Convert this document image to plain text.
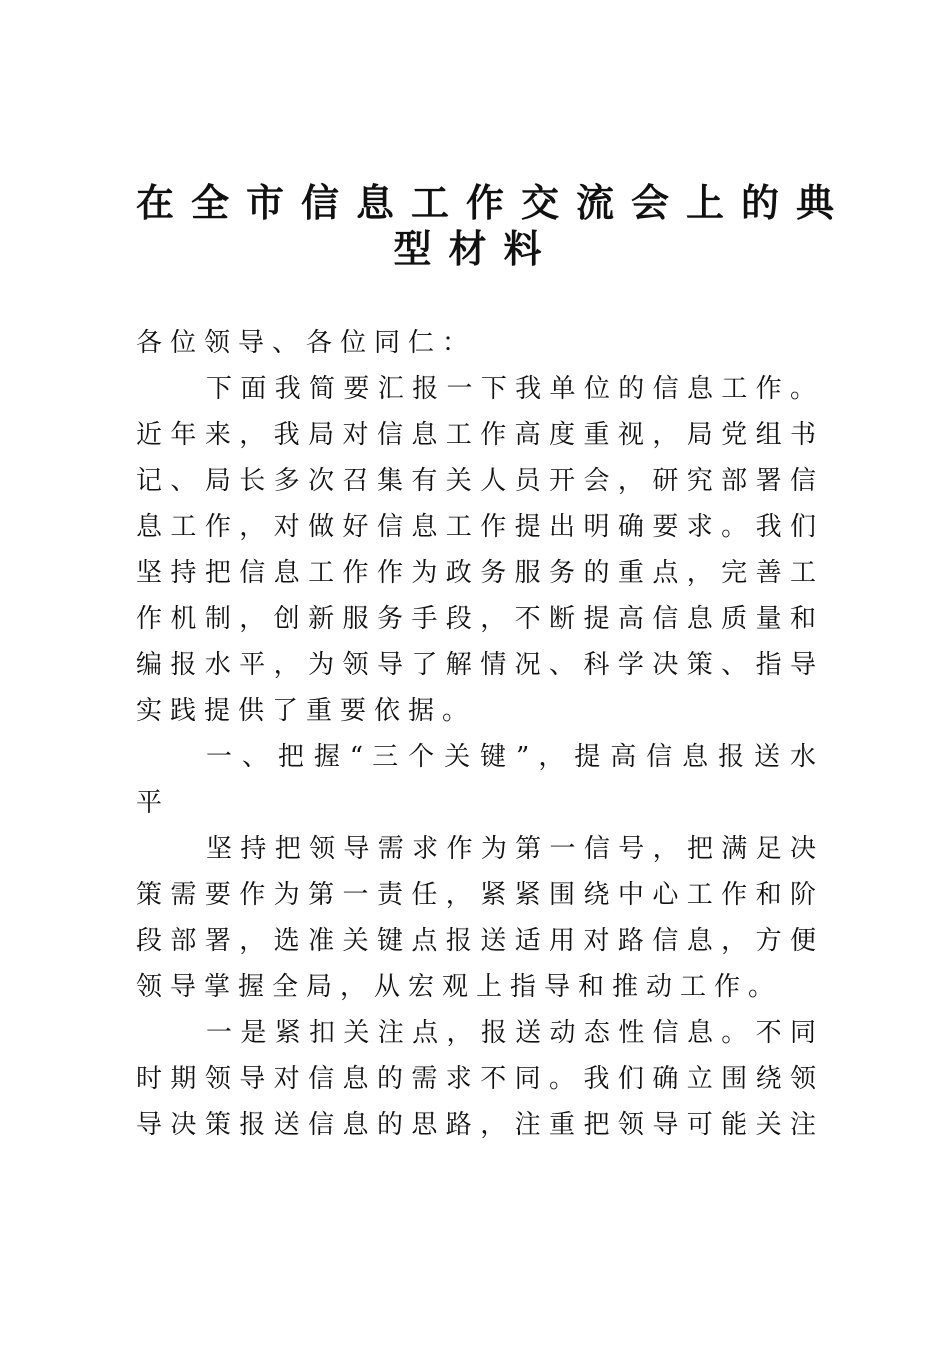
在全市信息工作交流会上的典
型材料
各位领导、各位同仁：
下 面 我 简 要 汇 报 一 下 我 单 位 的 信 息 工 作 。
近 年 来 ， 我 局 对 信 息 工 作 高 度 重 视 ， 局 党 组 书
记 、 局 长 多 次 召 集 有 关 人 员 开 会 ， 研 究 部 署 信
息 工 作 ， 对 做 好 信 息 工 作 提 出 明 确 要 求 。 我 们
坚 持 把 信 息 工 作 作 为 政 务 服 务 的 重 点 ， 完 善 工
作 机 制 ， 创 新 服 务 手 段 ， 不 断 提 高 信 息 质 量 和
编 报 水 平 ， 为 领 导 了 解 情 况 、 科 学 决 策 、 指 导
实践提供了重要依据。
一 、 把 握 “ 三 个 关 键 ” ， 提 高 信 息 报 送 水
平
坚 持 把 领 导 需 求 作 为 第 一 信 号 ， 把 满 足 决
策 需 要 作 为 第 一 责 任 ， 紧 紧 围 绕 中 心 工 作 和 阶
段 部 署 ， 选 准 关 键 点 报 送 适 用 对 路 信 息 ， 方 便
领导掌握全局，从宏观上指导和推动工作。
一 是 紧 扣 关 注 点 ， 报 送 动 态 性 信 息 。 不 同
时 期 领 导 对 信 息 的 需 求 不 同 。 我 们 确 立 围 绕 领
导 决 策 报 送 信 息 的 思 路 ， 注 重 把 领 导 可 能 关 注
